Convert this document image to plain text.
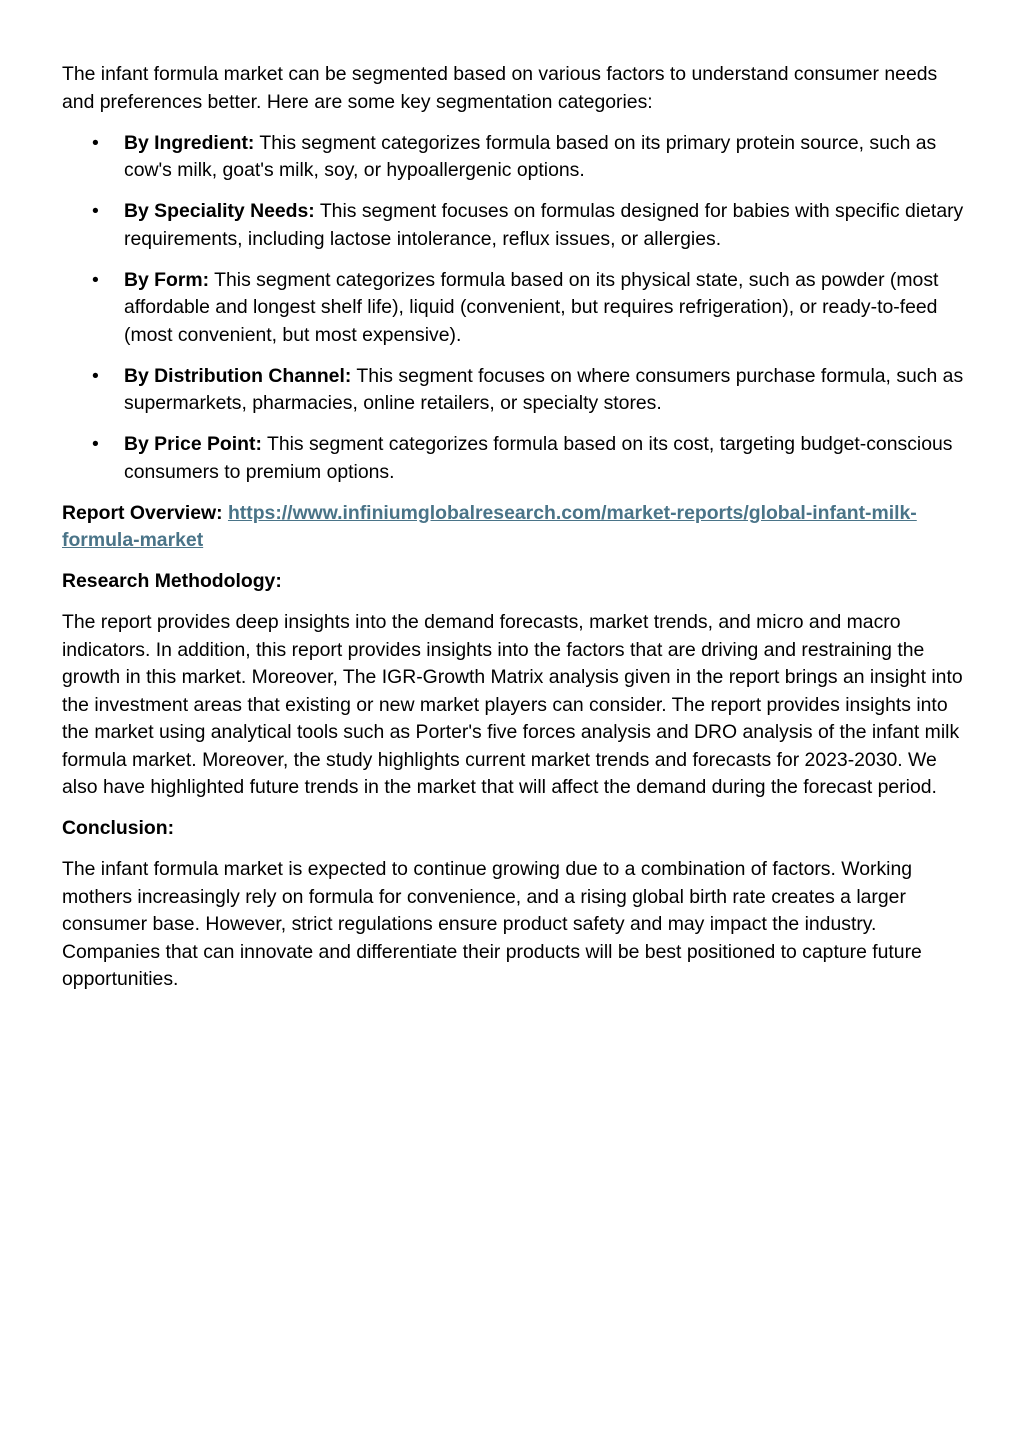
The infant formula market can be segmented based on various factors to understand consumer needs and preferences better. Here are some key segmentation categories:

• By Ingredient: This segment categorizes formula based on its primary protein source, such as cow's milk, goat's milk, soy, or hypoallergenic options.
• By Speciality Needs: This segment focuses on formulas designed for babies with specific dietary requirements, including lactose intolerance, reflux issues, or allergies.
• By Form: This segment categorizes formula based on its physical state, such as powder (most affordable and longest shelf life), liquid (convenient, but requires refrigeration), or ready-to-feed (most convenient, but most expensive).
• By Distribution Channel: This segment focuses on where consumers purchase formula, such as supermarkets, pharmacies, online retailers, or specialty stores.
• By Price Point: This segment categorizes formula based on its cost, targeting budget-conscious consumers to premium options.

Report Overview: https://www.infiniumglobalresearch.com/market-reports/global-infant-milk-formula-market

Research Methodology:

The report provides deep insights into the demand forecasts, market trends, and micro and macro indicators. In addition, this report provides insights into the factors that are driving and restraining the growth in this market. Moreover, The IGR-Growth Matrix analysis given in the report brings an insight into the investment areas that existing or new market players can consider. The report provides insights into the market using analytical tools such as Porter's five forces analysis and DRO analysis of the infant milk formula market. Moreover, the study highlights current market trends and forecasts for 2023-2030. We also have highlighted future trends in the market that will affect the demand during the forecast period.

Conclusion:

The infant formula market is expected to continue growing due to a combination of factors. Working mothers increasingly rely on formula for convenience, and a rising global birth rate creates a larger consumer base. However, strict regulations ensure product safety and may impact the industry. Companies that can innovate and differentiate their products will be best positioned to capture future opportunities.
